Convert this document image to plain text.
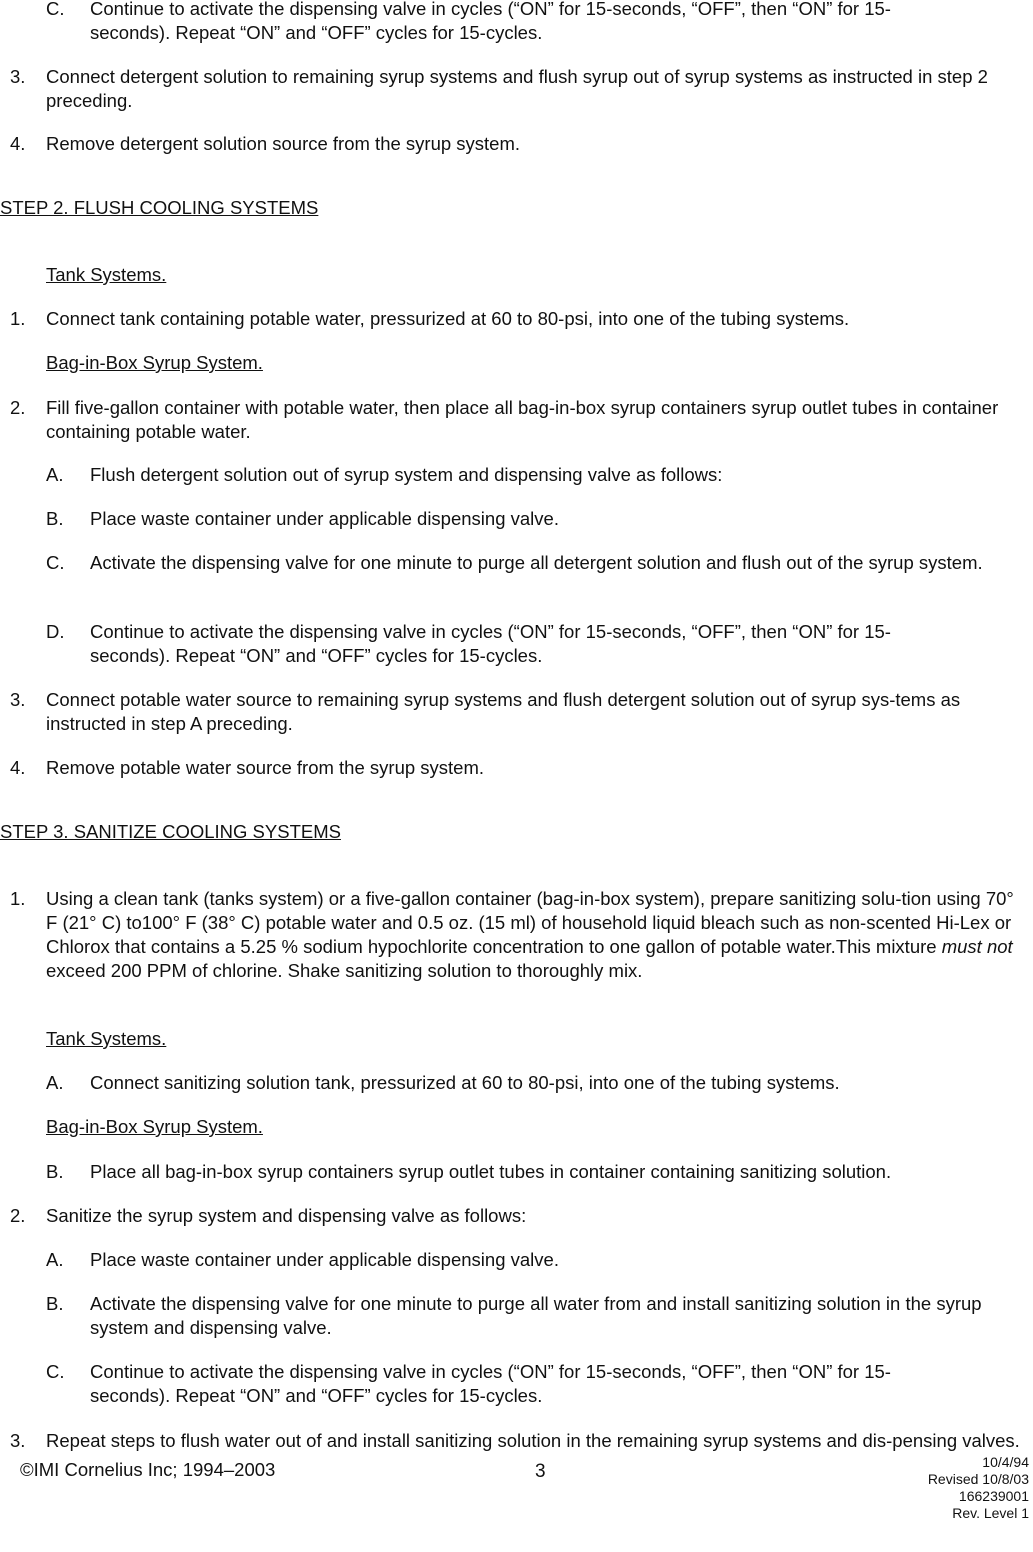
C. Continue to activate the dispensing valve in cycles (“ON” for 15-seconds, “OFF”, then “ON” for 15-seconds). Repeat “ON” and “OFF” cycles for 15-cycles.
3. Connect detergent solution to remaining syrup systems and flush syrup out of syrup systems as instructed in step 2 preceding.
4. Remove detergent solution source from the syrup system.
STEP 2. FLUSH COOLING SYSTEMS
Tank Systems.
1. Connect tank containing potable water, pressurized at 60 to 80-psi, into one of the tubing systems.
Bag-in-Box Syrup System.
2. Fill five-gallon container with potable water, then place all bag-in-box syrup containers syrup outlet tubes in container containing potable water.
A. Flush detergent solution out of syrup system and dispensing valve as follows:
B. Place waste container under applicable dispensing valve.
C. Activate the dispensing valve for one minute to purge all detergent solution and flush out of the syrup system.
D. Continue to activate the dispensing valve in cycles (“ON” for 15-seconds, “OFF”, then “ON” for 15-seconds). Repeat “ON” and “OFF” cycles for 15-cycles.
3. Connect potable water source to remaining syrup systems and flush detergent solution out of syrup sys-tems as instructed in step A preceding.
4. Remove potable water source from the syrup system.
STEP 3. SANITIZE COOLING SYSTEMS
1. Using a clean tank (tanks system) or a five-gallon container (bag-in-box system), prepare sanitizing solu-tion using 70° F (21° C) to100° F (38° C) potable water and 0.5 oz. (15 ml) of household liquid bleach such as non-scented Hi-Lex or Chlorox that contains a 5.25 % sodium hypochlorite concentration to one gallon of potable water.This mixture must not exceed 200 PPM of chlorine. Shake sanitizing solution to thoroughly mix.
Tank Systems.
A. Connect sanitizing solution tank, pressurized at 60 to 80-psi, into one of the tubing systems.
Bag-in-Box Syrup System.
B. Place all bag-in-box syrup containers syrup outlet tubes in container containing sanitizing solution.
2. Sanitize the syrup system and dispensing valve as follows:
A. Place waste container under applicable dispensing valve.
B. Activate the dispensing valve for one minute to purge all water from and install sanitizing solution in the syrup system and dispensing valve.
C. Continue to activate the dispensing valve in cycles (“ON” for 15-seconds, “OFF”, then “ON” for 15-seconds). Repeat “ON” and “OFF” cycles for 15-cycles.
3. Repeat steps to flush water out of and install sanitizing solution in the remaining syrup systems and dis-pensing valves.
©IMI Cornelius Inc; 1994–2003	3	10/4/94
Revised 10/8/03
166239001
Rev. Level 1
